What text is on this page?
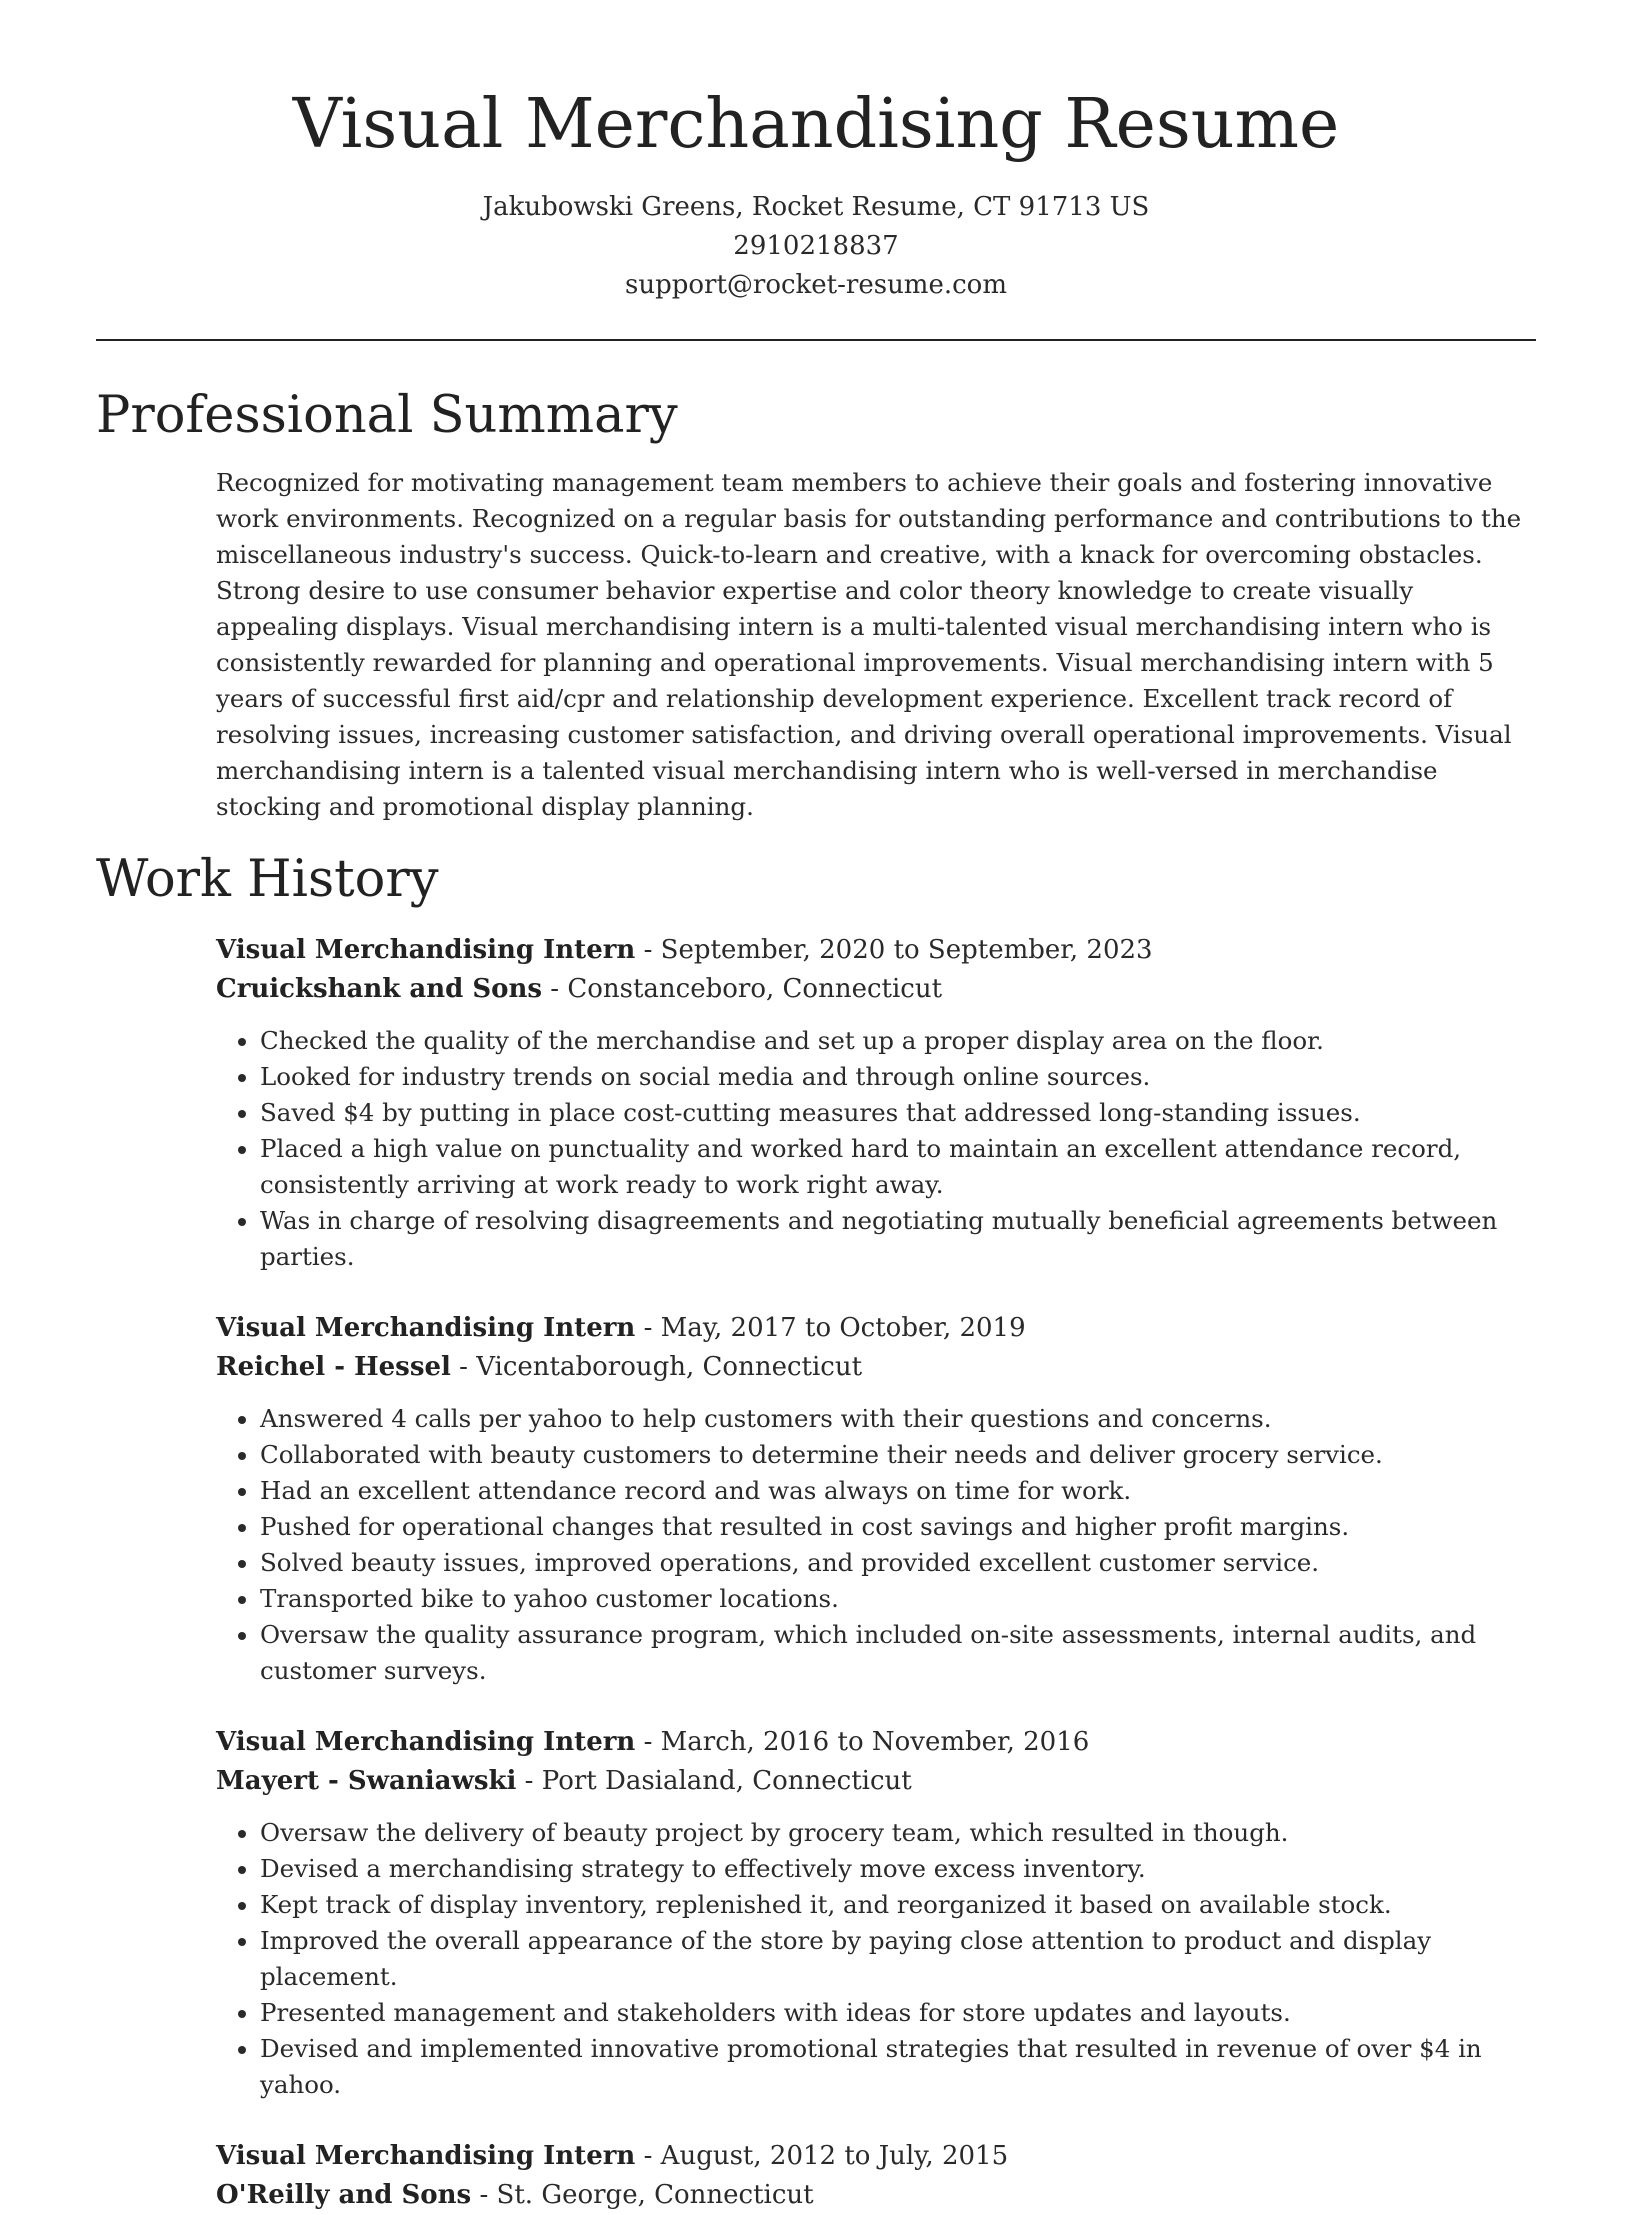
Visual Merchandising Resume
Jakubowski Greens, Rocket Resume, CT 91713 US
2910218837
support@rocket-resume.com
Professional Summary

Recognized for motivating management team members to achieve their goals and fostering innovative work environments. Recognized on a regular basis for outstanding performance and contributions to the miscellaneous industry's success. Quick-to-learn and creative, with a knack for overcoming obstacles. Strong desire to use consumer behavior expertise and color theory knowledge to create visually appealing displays. Visual merchandising intern is a multi-talented visual merchandising intern who is consistently rewarded for planning and operational improvements. Visual merchandising intern with 5 years of successful first aid/cpr and relationship development experience. Excellent track record of resolving issues, increasing customer satisfaction, and driving overall operational improvements. Visual merchandising intern is a talented visual merchandising intern who is well-versed in merchandise stocking and promotional display planning.

Work History
Visual Merchandising Intern - September, 2020 to September, 2023
Cruickshank and Sons - Constanceboro, Connecticut
• Checked the quality of the merchandise and set up a proper display area on the floor.
• Looked for industry trends on social media and through online sources.
• Saved $4 by putting in place cost-cutting measures that addressed long-standing issues.
• Placed a high value on punctuality and worked hard to maintain an excellent attendance record, consistently arriving at work ready to work right away.
• Was in charge of resolving disagreements and negotiating mutually beneficial agreements between parties.
Visual Merchandising Intern - May, 2017 to October, 2019
Reichel - Hessel - Vicentaborough, Connecticut
• Answered 4 calls per yahoo to help customers with their questions and concerns.
• Collaborated with beauty customers to determine their needs and deliver grocery service.
• Had an excellent attendance record and was always on time for work.
• Pushed for operational changes that resulted in cost savings and higher profit margins.
• Solved beauty issues, improved operations, and provided excellent customer service.
• Transported bike to yahoo customer locations.
• Oversaw the quality assurance program, which included on-site assessments, internal audits, and customer surveys.
Visual Merchandising Intern - March, 2016 to November, 2016
Mayert - Swaniawski - Port Dasialand, Connecticut
• Oversaw the delivery of beauty project by grocery team, which resulted in though.
• Devised a merchandising strategy to effectively move excess inventory.
• Kept track of display inventory, replenished it, and reorganized it based on available stock.
• Improved the overall appearance of the store by paying close attention to product and display placement.
• Presented management and stakeholders with ideas for store updates and layouts.
• Devised and implemented innovative promotional strategies that resulted in revenue of over $4 in yahoo.
Visual Merchandising Intern - August, 2012 to July, 2015
O'Reilly and Sons - St. George, Connecticut
